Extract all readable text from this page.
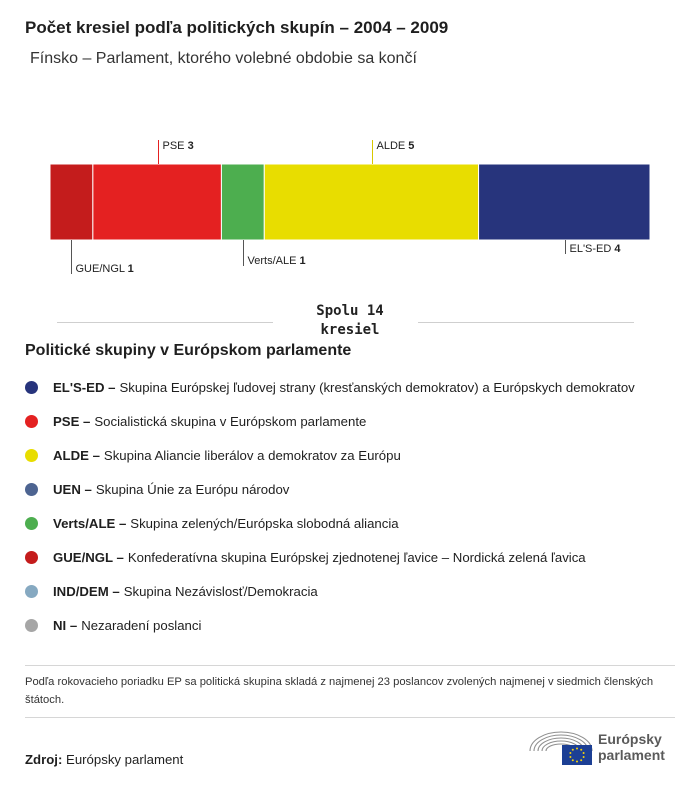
Počet kresiel podľa politických skupín – 2004 – 2009
Fínsko – Parlament, ktorého volebné obdobie sa končí
GUE/NGL 1
PSE 3
Verts/ALE 1
ALDE 5
EL'S-ED 4
Spolu 14
kresiel
Politické skupiny v Európskom parlamente
EL'S-ED – Skupina Európskej ľudovej strany (kresťanských demokratov) a Európskych demokratov
PSE – Socialistická skupina v Európskom parlamente
ALDE – Skupina Aliancie liberálov a demokratov za Európu
UEN – Skupina Únie za Európu národov
Verts/ALE – Skupina zelených/Európska slobodná aliancia
GUE/NGL – Konfederatívna skupina Európskej zjednotenej ľavice – Nordická zelená ľavica
IND/DEM – Skupina Nezávislosť/Demokracia
NI – Nezaradení poslanci
Podľa rokovacieho poriadku EP sa politická skupina skladá z najmenej 23 poslancov zvolených najmenej v siedmich členských štátoch.
Zdroj: Európsky parlament
Európsky
parlament
